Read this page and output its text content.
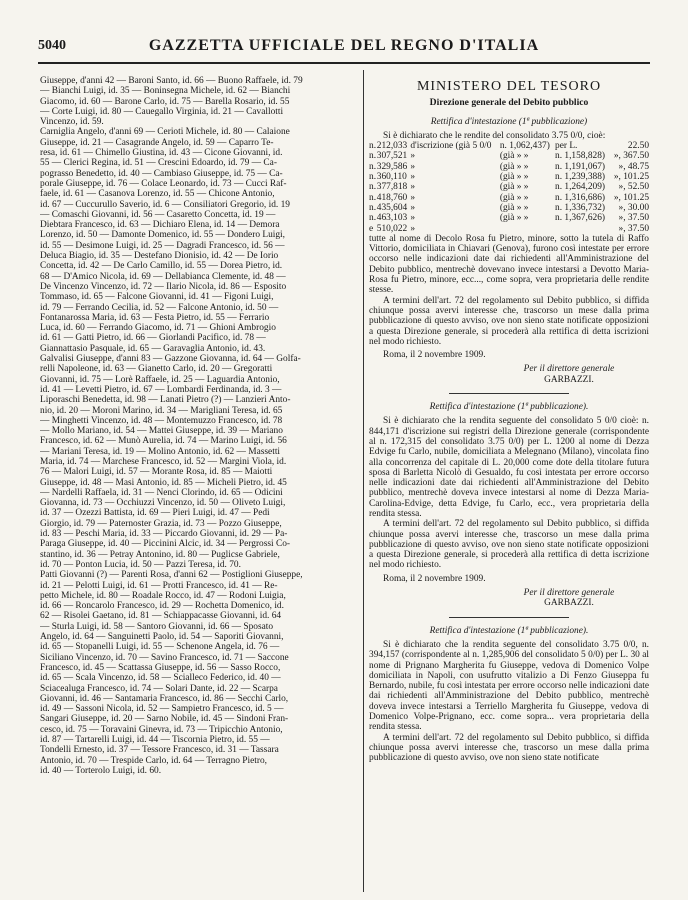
5040	GAZZETTA UFFICIALE DEL REGNO D'ITALIA
Giuseppe, d'anni 42 — Baroni Santo, id. 66 — Buono Raffaele, id. 79
— Bianchi Luigi, id. 35 — Boninsegna Michele, id. 62 — Bianchi
Giacomo, id. 60 — Barone Carlo, id. 75 — Barella Rosario, id. 55
— Corte Luigi, id. 80 — Cauegallo Virginia, id. 21 — Cavallotti
Vincenzo, id. 59.
Carniglia Angelo, d'anni 69 — Cerioti Michele, id. 80 — Calaione
Giuseppe, id. 21 — Casagrande Angelo, id. 59 — Caparro Te-
resa, id. 61 — Chimello Giustina, id. 43 — Cicone Giovanni, id.
55 — Clerici Regina, id. 51 — Crescini Edoardo, id. 79 — Ca-
pograsso Benedetto, id. 40 — Cambiaso Giuseppe, id. 75 — Ca-
porale Giuseppe, id. 76 — Colace Leonardo, id. 73 — Cucci Raf-
faele, id. 61 — Casanova Lorenzo, id. 55 — Chicone Antonio,
id. 67 — Cuccurullo Saverio, id. 6 — Consiliatori Gregorio, id. 19
— Comaschi Giovanni, id. 56 — Casaretto Concetta, id. 19 —
Diebtara Francesco, id. 63 — Dichiaro Elena, id. 14 — Demora
Lorenzo, id. 50 — Damonte Domenico, id. 55 — Dondero Luigi,
id. 55 — Desimone Luigi, id. 25 — Dagradi Francesco, id. 56 —
Deluca Biagio, id. 35 — Destefano Dionisio, id. 42 — De Iorio
Concetta, id. 42 — De Carlo Camillo, id. 55 — Dorea Pietro, id.
68 — D'Amico Nicola, id. 69 — Dellabianca Clemente, id. 48 —
De Vincenzo Vincenzo, id. 72 — Ilario Nicola, id. 86 — Esposito
Tommaso, id. 65 — Falcone Giovanni, id. 41 — Figoni Luigi,
id. 79 — Ferrando Cecilia, id. 52 — Falcone Antonio, id. 50 —
Fontanarossa Maria, id. 63 — Festa Pietro, id. 55 — Ferrario
Luca, id. 60 — Ferrando Giacomo, id. 71 — Ghioni Ambrogio
id. 61 — Gatti Pietro, id. 66 — Giorlandi Pacifico, id. 78 —
Giannattasio Pasquale, id. 65 — Garavaglia Antonio, id. 43.
Galvalisi Giuseppe, d'anni 83 — Gazzone Giovanna, id. 64 — Golfa-
relli Napoleone, id. 63 — Gianetto Carlo, id. 20 — Gregoratti
Giovanni, id. 75 — Lorè Raffaele, id. 25 — Laguardia Antonio,
id. 41 — Levetti Pietro, id. 67 — Lombardi Ferdinanda, id. 3 —
Liporaschi Benedetta, id. 98 — Lanati Pietro (?) — Lanzieri Anto-
nio, id. 20 — Moroni Marino, id. 34 — Marigliani Teresa, id. 65
— Minghetti Vincenzo, id. 48 — Montemuzzo Francesco, id. 78
— Mollo Mariano, id. 54 — Mattei Giuseppe, id. 39 — Mariano
Francesco, id. 62 — Munò Aurelia, id. 74 — Marino Luigi, id. 56
— Mariani Teresa, id. 19 — Molino Antonio, id. 62 — Massetti
Maria, id. 74 — Marchese Francesco, id. 52 — Margini Viola, id.
76 — Malori Luigi, id. 57 — Morante Rosa, id. 85 — Maiotti
Giuseppe, id. 48 — Masi Antonio, id. 85 — Micheli Pietro, id. 45
— Nardelli Raffaela, id. 31 — Nenci Clorindo, id. 65 — Odicini
Giovanna, id. 73 — Occhiuzzi Vincenzo, id. 50 — Oliveto Luigi,
id. 37 — Ozezzi Battista, id. 69 — Pieri Luigi, id. 47 — Pedi
Giorgio, id. 79 — Paternoster Grazia, id. 73 — Pozzo Giuseppe,
id. 83 — Peschi Maria, id. 33 — Piccardo Giovanni, id. 29 — Pa-
Paraga Giuseppe, id. 40 — Piccinini Alcic, id. 34 — Pergrossi Co-
stantino, id. 36 — Petray Antonino, id. 80 — Puglicse Gabriele,
id. 70 — Ponton Lucia, id. 50 — Pazzi Teresa, id. 70.
Patti Giovanni (?) — Parenti Rosa, d'anni 62 — Postiglioni Giuseppe,
id. 21 — Pelotti Luigi, id. 61 — Protti Francesco, id. 41 — Re-
petto Michele, id. 80 — Roadale Rocco, id. 47 — Rodoni Luigia,
id. 66 — Roncarolo Francesco, id. 29 — Rochetta Domenico, id.
62 — Risolei Gaetano, id. 81 — Schiappacasse Giovanni, id. 64
— Sturla Luigi, id. 58 — Santoro Giovanni, id. 66 — Sposato
Angelo, id. 64 — Sanguinetti Paolo, id. 54 — Saporiti Giovanni,
id. 65 — Stopanelli Luigi, id. 55 — Schenone Angela, id. 76 —
Siciliano Vincenzo, id. 70 — Savino Francesco, id. 71 — Saccone
Francesco, id. 45 — Scattassa Giuseppe, id. 56 — Sasso Rocco,
id. 65 — Scala Vincenzo, id. 58 — Scialleco Federico, id. 40 —
Sciacealuga Francesco, id. 74 — Solari Dante, id. 22 — Scarpa
Giovanni, id. 46 — Santamaria Francesco, id. 86 — Secchi Carlo,
id. 49 — Sassoni Nicola, id. 52 — Sampietro Francesco, id. 5 —
Sangari Giuseppe, id. 20 — Sarno Nobile, id. 45 — Sindoni Fran-
cesco, id. 75 — Toravaini Ginevra, id. 73 — Tripicchio Antonio,
id. 87 — Tartarelli Luigi, id. 44 — Tiscornia Pietro, id. 55 —
Tondelli Ernesto, id. 37 — Tessore Francesco, id. 31 — Tassara
Antonio, id. 70 — Trespide Carlo, id. 64 — Terragno Pietro,
id. 40 — Torterolo Luigi, id. 60.
MINISTERO DEL TESORO
Direzione generale del Debito pubblico
Rettifica d'intestazione (1ª pubblicazione)

Si è dichiarato che le rendite del consolidato 3.75 0/0, cioè:

n.	212,033	d'iscrizione (già 5 0/0	n. 1,062,437)	per L.	22.50
n.	307,521	»	(già » »	n. 1,158,828)	», 367.50
n.	329,586	»	(già » »	n. 1,191,067)	», 48.75
n.	360,110	»	(già » »	n. 1,239,388)	», 101.25
n.	377,818	»	(già » »	n. 1,264,209)	», 52.50
n.	418,760	»	(già » »	n. 1,316,686)	», 101.25
n.	435,604	»	(già » »	n. 1,336,732)	», 30.00
n.	463,103	»	(già » »	n. 1,367,626)	», 37.50
e	510,022	»			», 37.50

tutte al nome di Decolo Rosa fu Pietro, minore, sotto la tutela di Raffo Vittorio, domiciliata in Chiavari (Genova), furono così intestate per errore occorso nelle indicazioni date dai richiedenti all'Amministrazione del Debito pubblico, mentrechè dovevano invece intestarsi a Devotto Maria-Rosa fu Pietro, minore, ecc..., come sopra, vera proprietaria delle rendite stesse.

A termini dell'art. 72 del regolamento sul Debito pubblico, si diffida chiunque possa avervi interesse che, trascorso un mese dalla prima pubblicazione di questo avviso, ove non sieno state notificate opposizioni a questa Direzione generale, si procederà alla rettifica di detta iscrizioni nel modo richiesto.

Roma, il 2 novembre 1909.

Per il direttore generale
GARBAZZI.
Rettifica d'intestazione (1ª pubblicazione).

Si è dichiarato che la rendita seguente del consolidato 5 0/0 cioè: n. 844,171 d'iscrizione sui registri della Direzione generale (corrispondente al n. 172,315 del consolidato 3.75 0/0) per L. 1200 al nome di Dezza Edvige fu Carlo, nubile, domiciliata a Melegnano (Milano), vincolata fino alla concorrenza del capitale di L. 20,000 come dote della titolare futura sposa di Barletta Nicolò di Gesualdo, fu così intestata per errore occorso nelle indicazioni date dai richiedenti all'Amministrazione del Debito pubblico, mentrechè doveva invece intestarsi al nome di Dezza Maria-Carolina-Edvige, detta Edvige, fu Carlo, ecc., vera proprietaria della rendita stessa.

A termini dell'art. 72 del regolamento sul Debito pubblico, si diffida chiunque possa avervi interesse che, trascorso un mese dalla prima pubblicazione di questo avviso, ove non sieno state notificate opposizioni a questa Direzione generale, si procederà alla rettifica di detta iscrizione nel modo richiesto.

Roma, il 2 novembre 1909.

Per il direttore generale
GARBAZZI.
Rettifica d'intestazione (1ª pubblicazione).

Si è dichiarato che la rendita seguente del consolidato 3.75 0/0, n. 394,157 (corrispondente al n. 1,285,906 del consolidato 5 0/0) per L. 30 al nome di Prignano Margherita fu Giuseppe, vedova di Domenico Volpe domiciliata in Napoli, con usufrutto vitalizio a Di Fenzo Giuseppa fu Bernardo, nubile, fu così intestata per errore occorso nelle indicazioni date dai richiedenti all'Amministrazione del Debito pubblico, mentrechè doveva invece intestarsi a Terriello Margherita fu Giuseppe, vedova di Domenico Volpe-Prignano, ecc. come sopra... vera proprietaria della rendita stessa.

A termini dell'art. 72 del regolamento sul Debito pubblico, si diffida chiunque possa avervi interesse che, trascorso un mese dalla prima pubblicazione di questo avviso, ove non sieno state notificate
